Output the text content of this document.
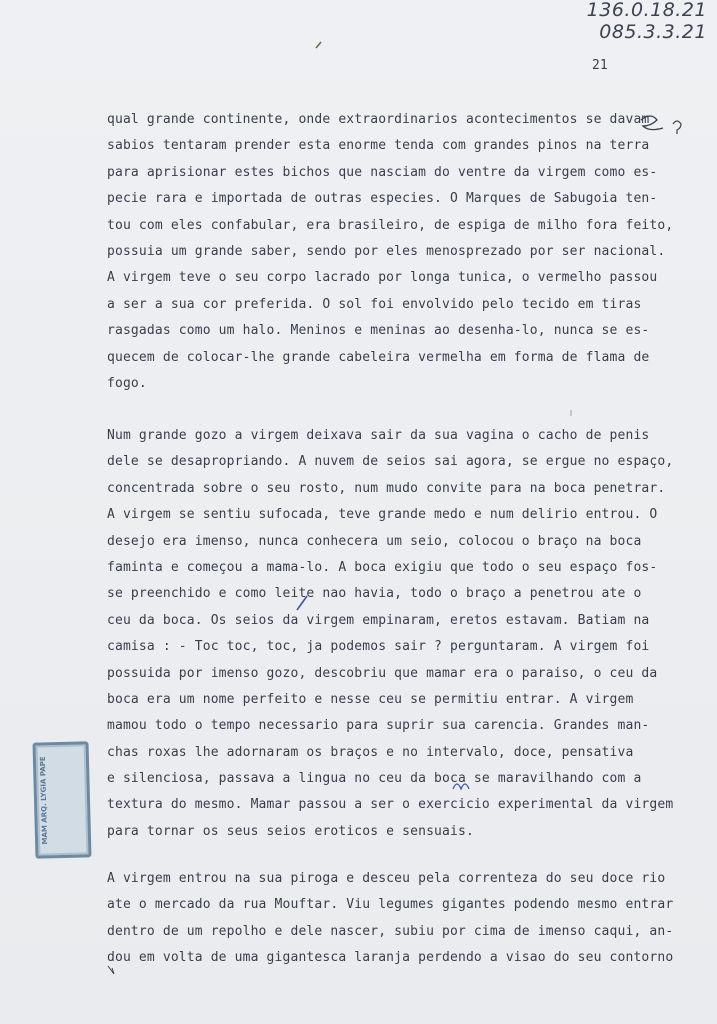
136.0.18.21
085.3.3.21
21
qual grande continente, onde extraordinarios acontecimentos se davam
sabios tentaram prender esta enorme tenda com grandes pinos na terra
para aprisionar estes bichos que nasciam do ventre da virgem como es-
pecie rara e importada de outras especies. O Marques de Sabugoia ten-
tou com eles confabular, era brasileiro, de espiga de milho fora feito,
possuia um grande saber, sendo por eles menosprezado por ser nacional.
A virgem teve o seu corpo lacrado por longa tunica, o vermelho passou
a ser a sua cor preferida. O sol foi envolvido pelo tecido em tiras
rasgadas como um halo. Meninos e meninas ao desenha-lo, nunca se es-
quecem de colocar-lhe grande cabeleira vermelha em forma de flama de
fogo.
Num grande gozo a virgem deixava sair da sua vagina o cacho de penis
dele se desapropriando. A nuvem de seios sai agora, se ergue no espaço,
concentrada sobre o seu rosto, num mudo convite para na boca penetrar.
A virgem se sentiu sufocada, teve grande medo e num delirio entrou. O
desejo era imenso, nunca conhecera um seio, colocou o braço na boca
faminta e começou a mama-lo. A boca exigiu que todo o seu espaço fos-
se preenchido e como leite nao havia, todo o braço a penetrou ate o
ceu da boca. Os seios da virgem empinaram, eretos estavam. Batiam na
camisa : - Toc toc, toc, ja podemos sair ? perguntaram. A virgem foi
possuida por imenso gozo, descobriu que mamar era o paraiso, o ceu da
boca era um nome perfeito e nesse ceu se permitiu entrar. A virgem
mamou todo o tempo necessario para suprir sua carencia. Grandes man-
chas roxas lhe adornaram os braços e no intervalo, doce, pensativa
e silenciosa, passava a lingua no ceu da boca se maravilhando com a
textura do mesmo. Mamar passou a ser o exercicio experimental da virgem
para tornar os seus seios eroticos e sensuais.
A virgem entrou na sua piroga e desceu pela correnteza do seu doce rio
ate o mercado da rua Mouftar. Viu legumes gigantes podendo mesmo entrar
dentro de um repolho e dele nascer, subiu por cima de imenso caqui, an-
dou em volta de uma gigantesca laranja perdendo a visao do seu contorno
MAM ARQ. LYGIA PAPE
